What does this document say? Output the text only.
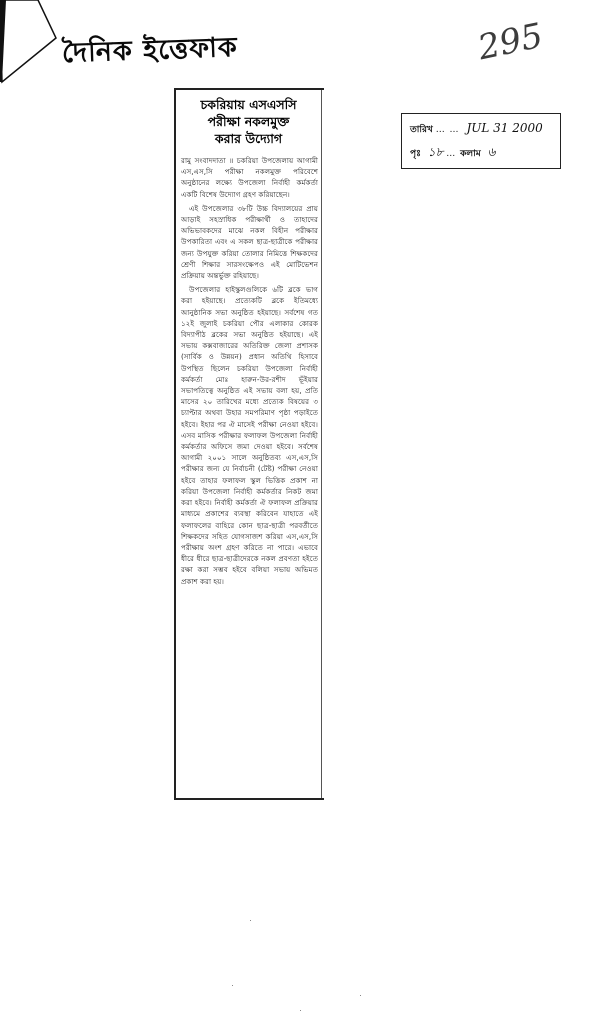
দৈনিক ইত্তেফাক	295
তারিখ … … JUL 31 2000
পৃঃ ১৮ … কলাম ৬
চকরিয়ায় এসএসসি
পরীক্ষা নকলমুক্ত
করার উদ্যোগ

রামু সংবাদদাতা ॥ চকরিয়া উপজেলায় আগামী এস,এস,সি পরীক্ষা নকলমুক্ত পরিবেশে অনুষ্ঠানের লক্ষ্যে উপজেলা নির্বাহী কর্মকর্তা একটি বিশেষ উদ্যোগ গ্রহণ করিয়াছেন।

এই উপজেলার ৩৮টি উচ্চ বিদ্যালয়ের প্রায় আড়াই সহস্রাধিক পরীক্ষার্থী ও তাহাদের অভিভাবকদের মাঝে নকল বিহীন পরীক্ষার উপকারিতা এবং এ সকল ছাত্র-ছাত্রীকে পরীক্ষার জন্য উপযুক্ত করিয়া তোলার নিমিত্তে শিক্ষকদের শ্রেণী শিক্ষার সারসংক্ষেপও এই মোটিভেশন প্রক্রিয়ায় অন্তর্ভুক্ত রহিয়াছে।

উপজেলার হাইস্কুলগুলিকে ৬টি ব্লকে ভাগ করা হইয়াছে। প্রত্যেকটি ব্লকে ইতিমধ্যে আনুষ্ঠানিক সভা অনুষ্ঠিত হইয়াছে। সর্বশেষ গত ১২ই জুলাই চকরিয়া পৌর এলাকার কোরক বিদ্যাপীঠ ব্লকের সভা অনুষ্ঠিত হইয়াছে। এই সভায় কক্সবাজারের অতিরিক্ত জেলা প্রশাসক (সার্বিক ও উন্নয়ন) প্রধান অতিথি হিসাবে উপস্থিত ছিলেন চকরিয়া উপজেলা নির্বাহী কর্মকর্তা মোঃ হারুন-উর-রশীদ ভূঁইয়ার সভাপতিত্বে অনুষ্ঠিত এই সভায় বলা হয়, প্রতি মাসের ২০ তারিখের মধ্যে প্রত্যেক বিষয়ের ৩ চ্যাপ্টার অথবা উহার সমপরিমাণ পৃষ্ঠা পড়াইতে হইবে। ইহার পর ঐ মাসেই পরীক্ষা নেওয়া হইবে। এসব মাসিক পরীক্ষার ফলাফল উপজেলা নির্বাহী কর্মকর্তার অফিসে জমা দেওয়া হইবে। সর্বশেষ আগামী ২০০১ সালে অনুষ্ঠিতব্য এস,এস,সি পরীক্ষার জন্য যে নির্বাচনী (টেষ্ট) পরীক্ষা নেওয়া হইবে তাহার ফলাফল স্কুল ভিত্তিক প্রকাশ না করিয়া উপজেলা নির্বাহী কর্মকর্তার নিকট জমা করা হইবে। নির্বাহী কর্মকর্তা ঐ ফলাফল প্রক্রিয়ার মাধ্যমে প্রকাশের ব্যবস্থা করিবেন যাহাতে এই ফলাফলের বাহিরে কোন ছাত্র-ছাত্রী পরবর্তীতে শিক্ষকদের সহিত যোগসাজশ করিয়া এস,এস,সি পরীক্ষায় অংশ গ্রহণ করিতে না পারে। এভাবে ধীরে ধীরে ছাত্র-ছাত্রীদেরকে নকল প্রবণতা হইতে রক্ষা করা সম্ভব হইবে বলিয়া সভায় অভিমত প্রকাশ করা হয়।
